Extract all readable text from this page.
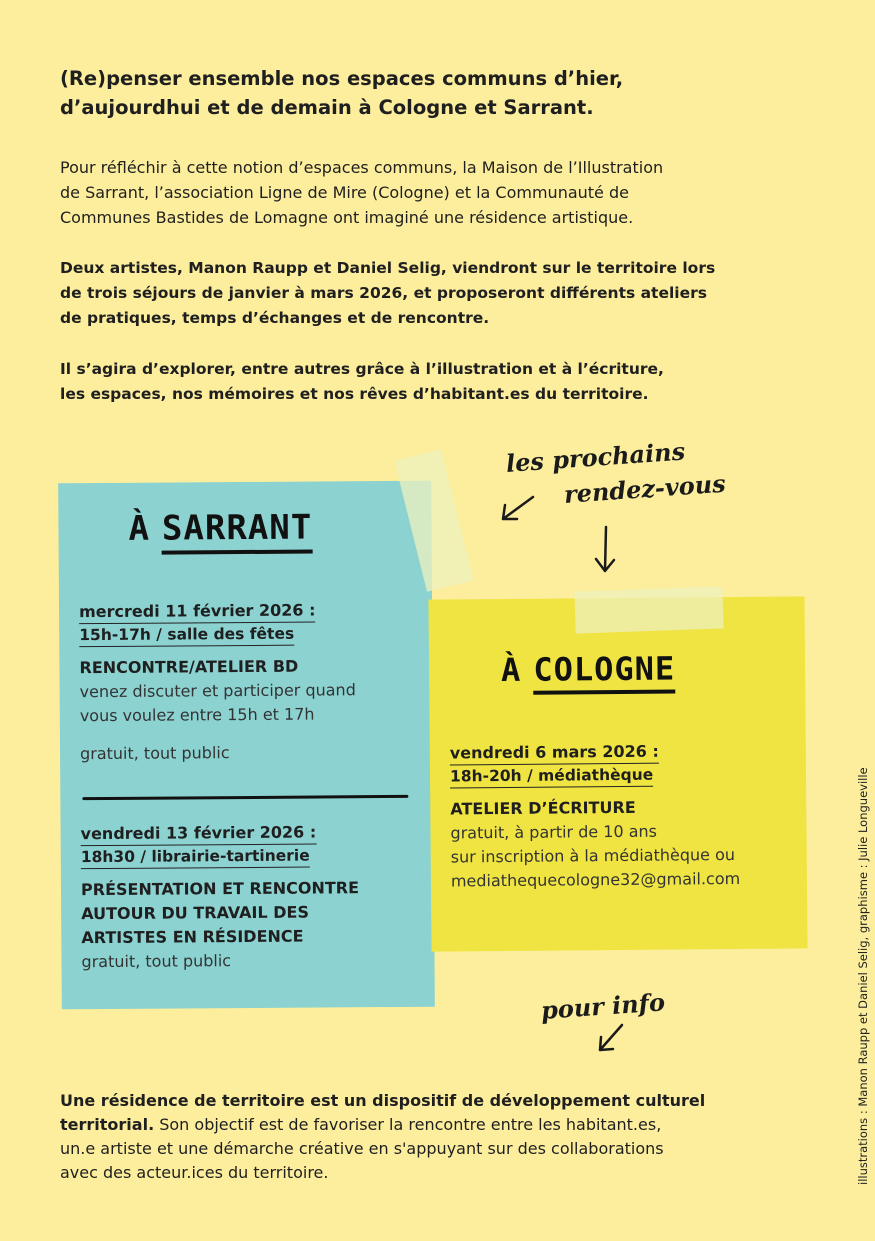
(Re)penser ensemble nos espaces communs d’hier,
d’aujourdhui et de demain à Cologne et Sarrant.

Pour réfléchir à cette notion d’espaces communs, la Maison de l’Illustration
de Sarrant, l’association Ligne de Mire (Cologne) et la Communauté de
Communes Bastides de Lomagne ont imaginé une résidence artistique.

Deux artistes, Manon Raupp et Daniel Selig, viendront sur le territoire lors
de trois séjours de janvier à mars 2026, et proposeront différents ateliers
de pratiques, temps d’échanges et de rencontre.

Il s’agira d’explorer, entre autres grâce à l’illustration et à l’écriture,
les espaces, nos mémoires et nos rêves d’habitant.es du territoire.

les prochains
rendez-vous
À SARRANT
mercredi 11 février 2026 :
15h-17h / salle des fêtes
RENCONTRE/ATELIER BD
venez discuter et participer quand
vous voulez entre 15h et 17h
gratuit, tout public
vendredi 13 février 2026 :
18h30 / librairie-tartinerie
PRÉSENTATION ET RENCONTRE
AUTOUR DU TRAVAIL DES
ARTISTES EN RÉSIDENCE
gratuit, tout public
À COLOGNE
vendredi 6 mars 2026 :
18h-20h / médiathèque
ATELIER D’ÉCRITURE
gratuit, à partir de 10 ans
sur inscription à la médiathèque ou
mediathequecologne32@gmail.com
pour info

Une résidence de territoire est un dispositif de développement culturel
territorial. Son objectif est de favoriser la rencontre entre les habitant.es,
un.e artiste et une démarche créative en s'appuyant sur des collaborations
avec des acteur.ices du territoire.	illustrations : Manon Raupp et Daniel Selig, graphisme : Julie Longueville
